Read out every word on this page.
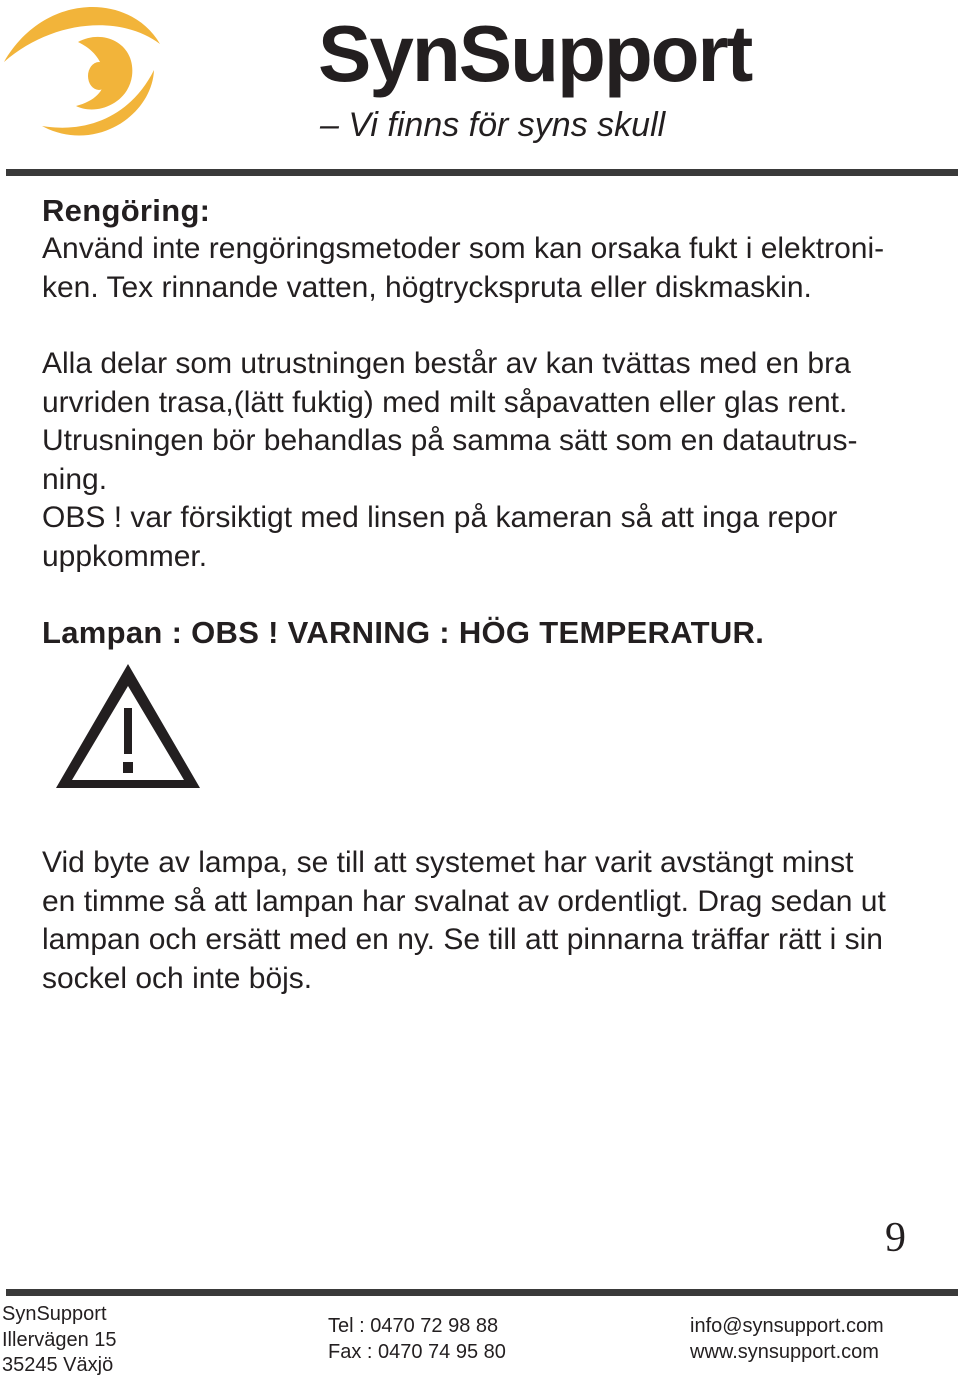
SynSupport
– Vi finns för syns skull
Rengöring:

Använd inte rengöringsmetoder som kan orsaka fukt i elektroni-
ken. Tex rinnande vatten, högtryckspruta eller diskmaskin.

Alla delar som utrustningen består av kan tvättas med en bra
urvriden trasa,(lätt fuktig) med milt såpavatten eller glas rent.
Utrusningen bör behandlas på samma sätt som en datautrus-
ning.
OBS ! var försiktigt med linsen på kameran så att inga repor
uppkommer.

Lampan : OBS ! VARNING : HÖG TEMPERATUR.

Vid byte av lampa, se till att systemet har varit avstängt minst
en timme så att lampan har svalnat av ordentligt. Drag sedan ut
lampan och ersätt med en ny. Se till att pinnarna träffar rätt i sin
sockel och inte böjs.

9
SynSupport
Illervägen 15
35245 Växjö
Tel : 0470 72 98 88
Fax : 0470 74 95 80
info@synsupport.com
www.synsupport.com
